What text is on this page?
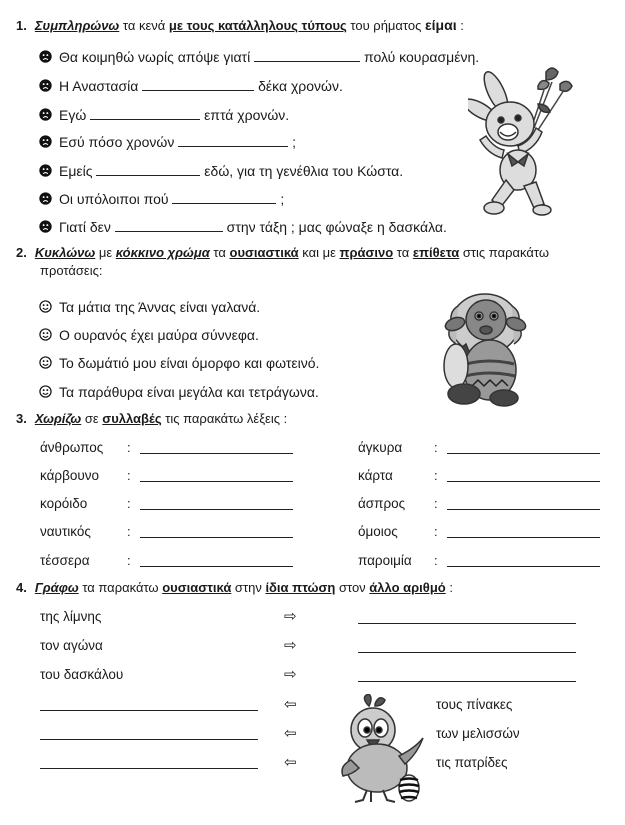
1. Συμπληρώνω τα κενά με τους κατάλληλους τύπους του ρήματος είμαι :
Θα κοιμηθώ νωρίς απόψε γιατί	πολύ κουρασμένη.
Η Αναστασία	δέκα χρονών.
Εγώ	επτά χρονών.
Εσύ πόσο χρονών	;
Εμείς	εδώ, για τη γενέθλια του Κώστα.
Οι υπόλοιποι πού	;
Γιατί δεν	στην τάξη ; μας φώναξε η δασκάλα.
2. Κυκλώνω με κόκκινο χρώμα τα ουσιαστικά και με πράσινο τα επίθετα στις παρακάτω
προτάσεις:
Τα μάτια της Άννας είναι γαλανά.
Ο ουρανός έχει μαύρα σύννεφα.
Το δωμάτιό μου είναι όμορφο και φωτεινό.
Τα παράθυρα είναι μεγάλα και τετράγωνα.
3. Χωρίζω σε συλλαβές τις παρακάτω λέξεις :
άνθρωπος :	άγκυρα :
κάρβουνο :	κάρτα	:
κορόιδο	:	άσπρος :
ναυτικός	:	όμοιος	:
τέσσερα	:	παροιμία :
4. Γράφω τα παρακάτω ουσιαστικά στην ίδια πτώση στον άλλο αριθμό :
της λίμνης	⇨
τον αγώνα	⇨
του δασκάλου	⇨
⇦	τους πίνακες
⇦	των μελισσών
⇦	τις πατρίδες
